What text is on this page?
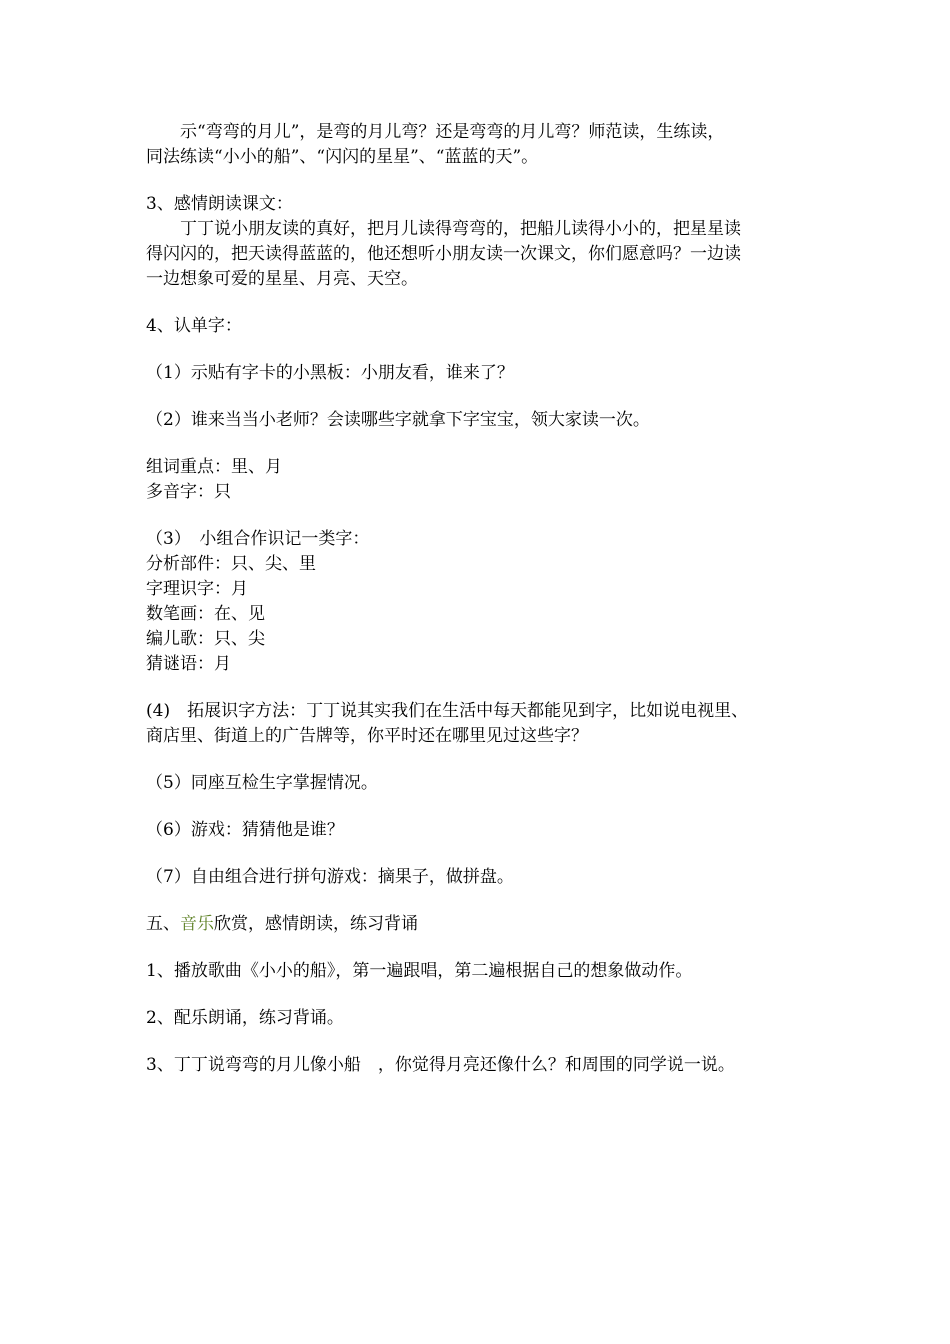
示“弯弯的月儿”，是弯的月儿弯？还是弯弯的月儿弯？师范读，生练读，
同法练读“小小的船”、“闪闪的星星”、“蓝蓝的天”。
3、感情朗读课文：
丁丁说小朋友读的真好，把月儿读得弯弯的，把船儿读得小小的，把星星读
得闪闪的，把天读得蓝蓝的，他还想听小朋友读一次课文，你们愿意吗？一边读
一边想象可爱的星星、月亮、天空。
4、认单字：
（1）示贴有字卡的小黑板：小朋友看，谁来了？
（2）谁来当当小老师？会读哪些字就拿下字宝宝，领大家读一次。
组词重点：里、月
多音字：只
（3）　小组合作识记一类字：
分析部件：只、尖、里
字理识字：月
数笔画：在、见
编儿歌：只、尖
猜谜语：月
(4)　拓展识字方法：丁丁说其实我们在生活中每天都能见到字，比如说电视里、
商店里、街道上的广告牌等，你平时还在哪里见过这些字？
（5）同座互检生字掌握情况。
（6）游戏：猜猜他是谁？
（7）自由组合进行拼句游戏：摘果子，做拼盘。
五、音乐欣赏，感情朗读，练习背诵
1、播放歌曲《小小的船》，第一遍跟唱，第二遍根据自己的想象做动作。
2、配乐朗诵，练习背诵。
3、丁丁说弯弯的月儿像小船　，你觉得月亮还像什么？和周围的同学说一说。
